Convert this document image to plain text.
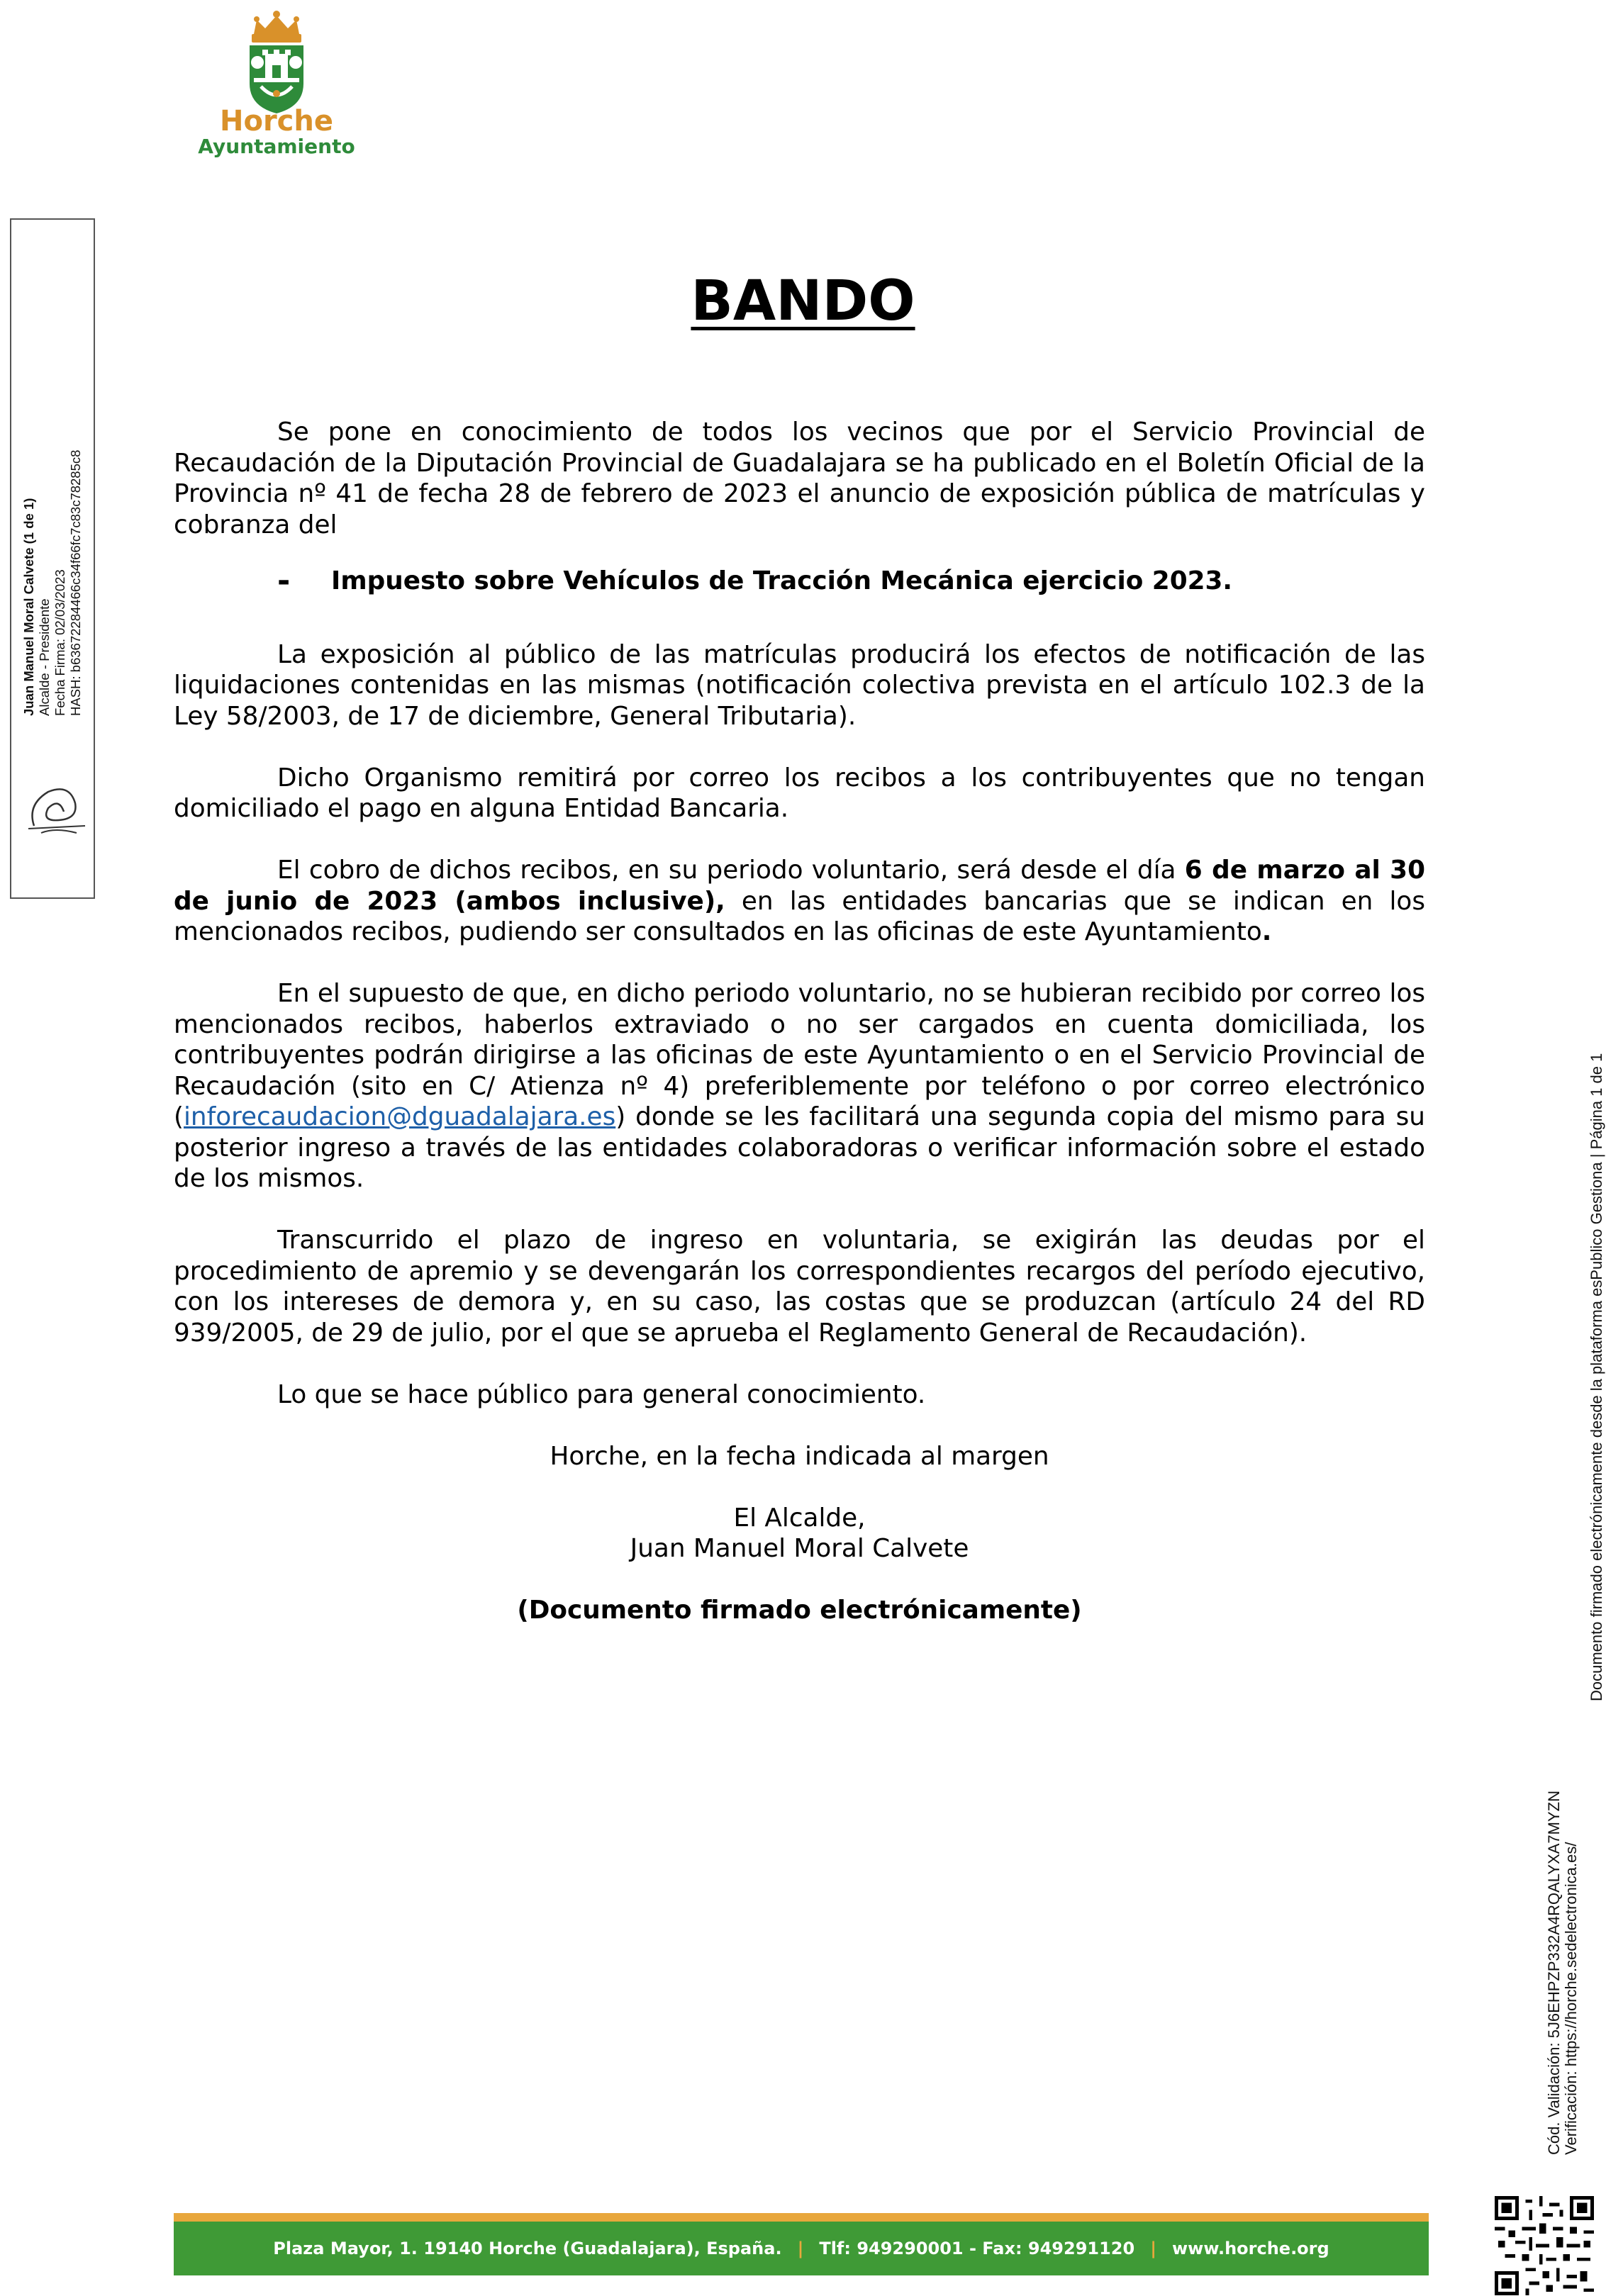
Horche
Ayuntamiento
Juan Manuel Moral Calvete (1 de 1) Alcalde - Presidente Fecha Firma: 02/03/2023 HASH: b63672284466c34f66fc7c83c78285c8
BANDO

Se pone en conocimiento de todos los vecinos que por el Servicio Provincial de Recaudación de la Diputación Provincial de Guadalajara se ha publicado en el Boletín Oficial de la Provincia nº 41 de fecha 28 de febrero de 2023 el anuncio de exposición pública de matrículas y cobranza del

-	Impuesto sobre Vehículos de Tracción Mecánica ejercicio 2023.

La exposición al público de las matrículas producirá los efectos de notificación de las liquidaciones contenidas en las mismas (notificación colectiva prevista en el artículo 102.3 de la Ley 58/2003, de 17 de diciembre, General Tributaria).

Dicho Organismo remitirá por correo los recibos a los contribuyentes que no tengan domiciliado el pago en alguna Entidad Bancaria.

El cobro de dichos recibos, en su periodo voluntario, será desde el día 6 de marzo al 30 de junio de 2023 (ambos inclusive), en las entidades bancarias que se indican en los mencionados recibos, pudiendo ser consultados en las oficinas de este Ayuntamiento.

En el supuesto de que, en dicho periodo voluntario, no se hubieran recibido por correo los mencionados recibos, haberlos extraviado o no ser cargados en cuenta domiciliada, los contribuyentes podrán dirigirse a las oficinas de este Ayuntamiento o en el Servicio Provincial de Recaudación (sito en C/ Atienza nº 4) preferiblemente por teléfono o por correo electrónico (inforecaudacion@dguadalajara.es) donde se les facilitará una segunda copia del mismo para su posterior ingreso a través de las entidades colaboradoras o verificar información sobre el estado de los mismos.

Transcurrido el plazo de ingreso en voluntaria, se exigirán las deudas por el procedimiento de apremio y se devengarán los correspondientes recargos del período ejecutivo, con los intereses de demora y, en su caso, las costas que se produzcan (artículo 24 del RD 939/2005, de 29 de julio, por el que se aprueba el Reglamento General de Recaudación).

Lo que se hace público para general conocimiento.

Horche, en la fecha indicada al margen

El Alcalde,

Juan Manuel Moral Calvete

(Documento firmado electrónicamente)

Cód. Validación: 5J6EHPZP332A4RQALYXA7MYZN Verificación: https://horche.sedelectronica.es/
Documento firmado electrónicamente desde la plataforma esPublico Gestiona | Página 1 de 1
Plaza Mayor, 1. 19140 Horche (Guadalajara), España. | Tlf: 949290001 - Fax: 949291120 | www.horche.org
